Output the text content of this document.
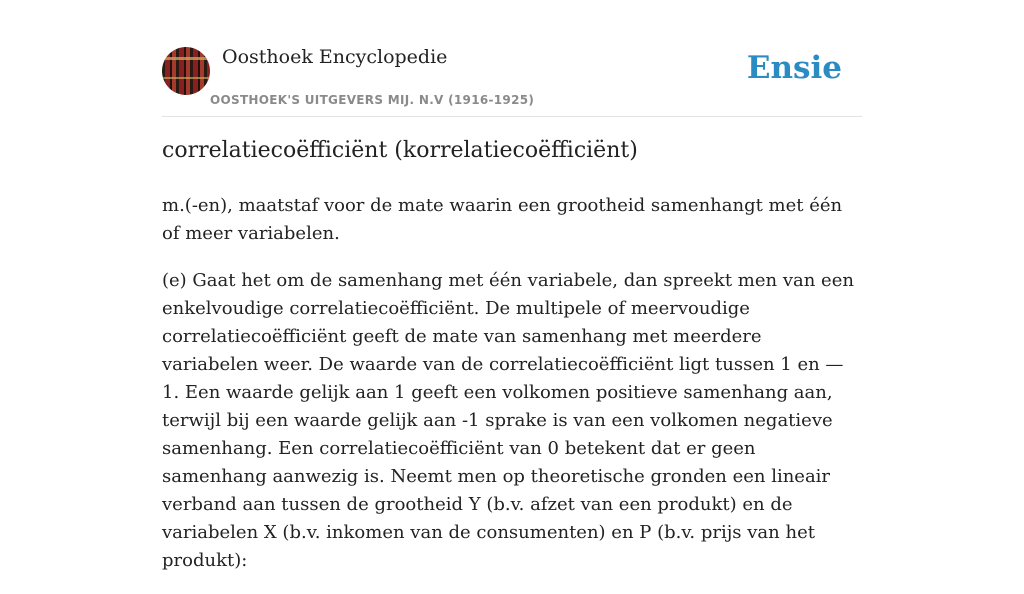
Oosthoek Encyclopedie
OOSTHOEK'S UITGEVERS MIJ. N.V (1916-1925)
Ensie
correlatiecoëfficiënt (korrelatiecoëfficiënt)

m.(-en), maatstaf voor de mate waarin een grootheid samenhangt met één of meer variabelen.

(e) Gaat het om de samenhang met één variabele, dan spreekt men van een enkelvoudige correlatiecoëfficiënt. De multipele of meervoudige correlatiecoëfficiënt geeft de mate van samenhang met meerdere variabelen weer. De waarde van de correlatiecoëfficiënt ligt tussen 1 en — 1. Een waarde gelijk aan 1 geeft een volkomen positieve samenhang aan, terwijl bij een waarde gelijk aan -1 sprake is van een volkomen negatieve samenhang. Een correlatiecoëfficiënt van 0 betekent dat er geen samenhang aanwezig is. Neemt men op theoretische gronden een lineair verband aan tussen de grootheid Y (b.v. afzet van een produkt) en de variabelen X (b.v. inkomen van de consumenten) en P (b.v. prijs van het produkt):
